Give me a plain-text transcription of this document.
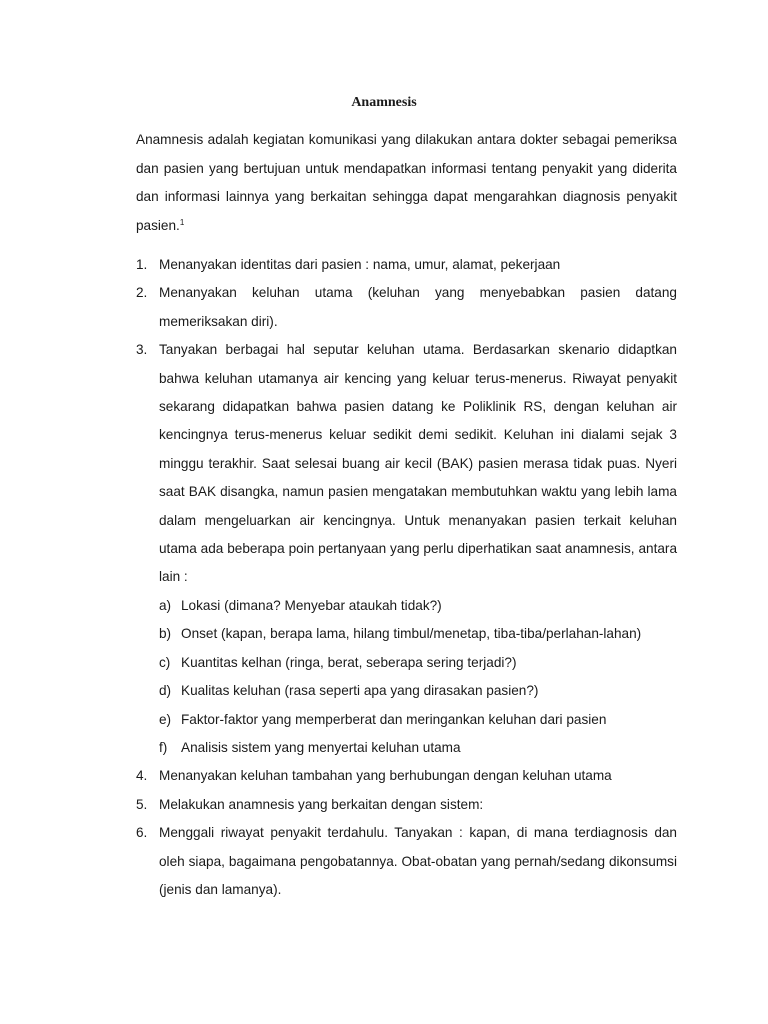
Anamnesis

Anamnesis adalah kegiatan komunikasi yang dilakukan antara dokter sebagai pemeriksa dan pasien yang bertujuan untuk mendapatkan informasi tentang penyakit yang diderita dan informasi lainnya yang berkaitan sehingga dapat mengarahkan diagnosis penyakit pasien.$^1$

1. Menanyakan identitas dari pasien : nama, umur, alamat, pekerjaan
2. Menanyakan keluhan utama (keluhan yang menyebabkan pasien datang memeriksakan diri).
3. Tanyakan berbagai hal seputar keluhan utama. Berdasarkan skenario didaptkan bahwa keluhan utamanya air kencing yang keluar terus-menerus. Riwayat penyakit sekarang didapatkan bahwa pasien datang ke Poliklinik RS, dengan keluhan air kencingnya terus-menerus keluar sedikit demi sedikit. Keluhan ini dialami sejak 3 minggu terakhir. Saat selesai buang air kecil (BAK) pasien merasa tidak puas. Nyeri saat BAK disangka, namun pasien mengatakan membutuhkan waktu yang lebih lama dalam mengeluarkan air kencingnya. Untuk menanyakan pasien terkait keluhan utama ada beberapa poin pertanyaan yang perlu diperhatikan saat anamnesis, antara lain :
a) Lokasi (dimana? Menyebar ataukah tidak?)
b) Onset (kapan, berapa lama, hilang timbul/menetap, tiba-tiba/perlahan-lahan)
c) Kuantitas kelhan (ringa, berat, seberapa sering terjadi?)
d) Kualitas keluhan (rasa seperti apa yang dirasakan pasien?)
e) Faktor-faktor yang memperberat dan meringankan keluhan dari pasien
f) Analisis sistem yang menyertai keluhan utama
4. Menanyakan keluhan tambahan yang berhubungan dengan keluhan utama
5. Melakukan anamnesis yang berkaitan dengan sistem:
6. Menggali riwayat penyakit terdahulu. Tanyakan : kapan, di mana terdiagnosis dan oleh siapa, bagaimana pengobatannya. Obat-obatan yang pernah/sedang dikonsumsi (jenis dan lamanya).
